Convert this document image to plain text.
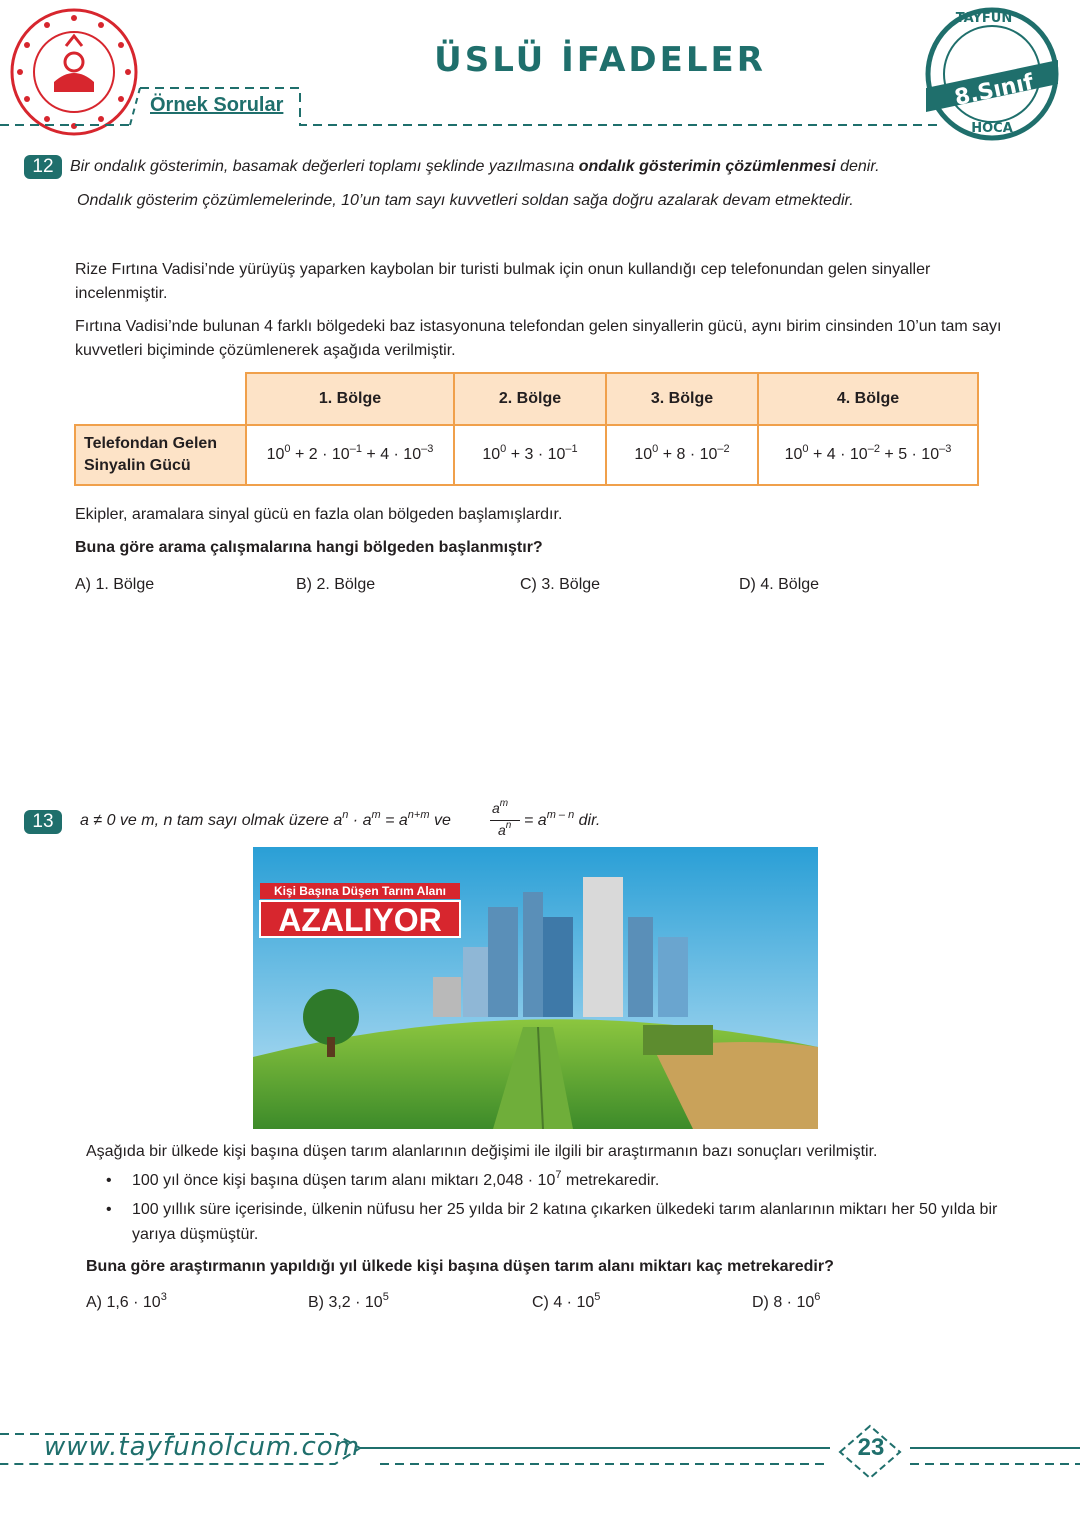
ÜSLÜ İFADELER
Örnek Sorular
TAYFUN
HOCA
8.Sınıf
12	Bir ondalık gösterimin, basamak değerleri toplamı şeklinde yazılmasına ondalık gösterimin çözümlenmesi denir.
Ondalık gösterim çözümlemelerinde, 10’un tam sayı kuvvetleri soldan sağa doğru azalarak devam etmektedir.
Rize Fırtına Vadisi’nde yürüyüş yaparken kaybolan bir turisti bulmak için onun kullandığı cep telefonundan gelen sinyaller incelenmiştir.
Fırtına Vadisi’nde bulunan 4 farklı bölgedeki baz istasyonuna telefondan gelen sinyallerin gücü, aynı birim cinsinden 10’un tam sayı kuvvetleri biçiminde çözümlenerek aşağıda verilmiştir.
	1. Bölge	2. Bölge	3. Bölge	4. Bölge
Telefondan Gelen
Sinyalin Gücü	$10^0 + 2 \cdot 10^{-1} + 4 \cdot 10^{-3}$	$10^0 + 3 \cdot 10^{-1}$	$10^0 + 8 \cdot 10^{-2}$	$10^0 + 4 \cdot 10^{-2} + 5 \cdot 10^{-3}$
Ekipler, aramalara sinyal gücü en fazla olan bölgeden başlamışlardır.
Buna göre arama çalışmalarına hangi bölgeden başlanmıştır?
A) 1. Bölge	B) 2. Bölge	C) 3. Bölge	D) 4. Bölge
13	a ≠ 0 ve m, n tam sayı olmak üzere $a^n \cdot a^m = a^{n+m}$ ve
$a^m$
$a^n = a^{m - n}$ dir.
Kişi Başına Düşen Tarım Alanı
AZALIYOR
Aşağıda bir ülkede kişi başına düşen tarım alanlarının değişimi ile ilgili bir araştırmanın bazı sonuçları verilmiştir.
• 100 yıl önce kişi başına düşen tarım alanı miktarı $2,048 \cdot 10^7$ metrekaredir.
• 100 yıllık süre içerisinde, ülkenin nüfusu her 25 yılda bir 2 katına çıkarken ülkedeki tarım alanlarının miktarı her 50 yılda bir yarıya düşmüştür.
Buna göre araştırmanın yapıldığı yıl ülkede kişi başına düşen tarım alanı miktarı kaç metrekaredir?
A) $1,6 \cdot 10^3$	B) $3,2 \cdot 10^5$	C) $4 \cdot 10^5$	D) $8 \cdot 10^6$
www.tayfunolcum.com	23
